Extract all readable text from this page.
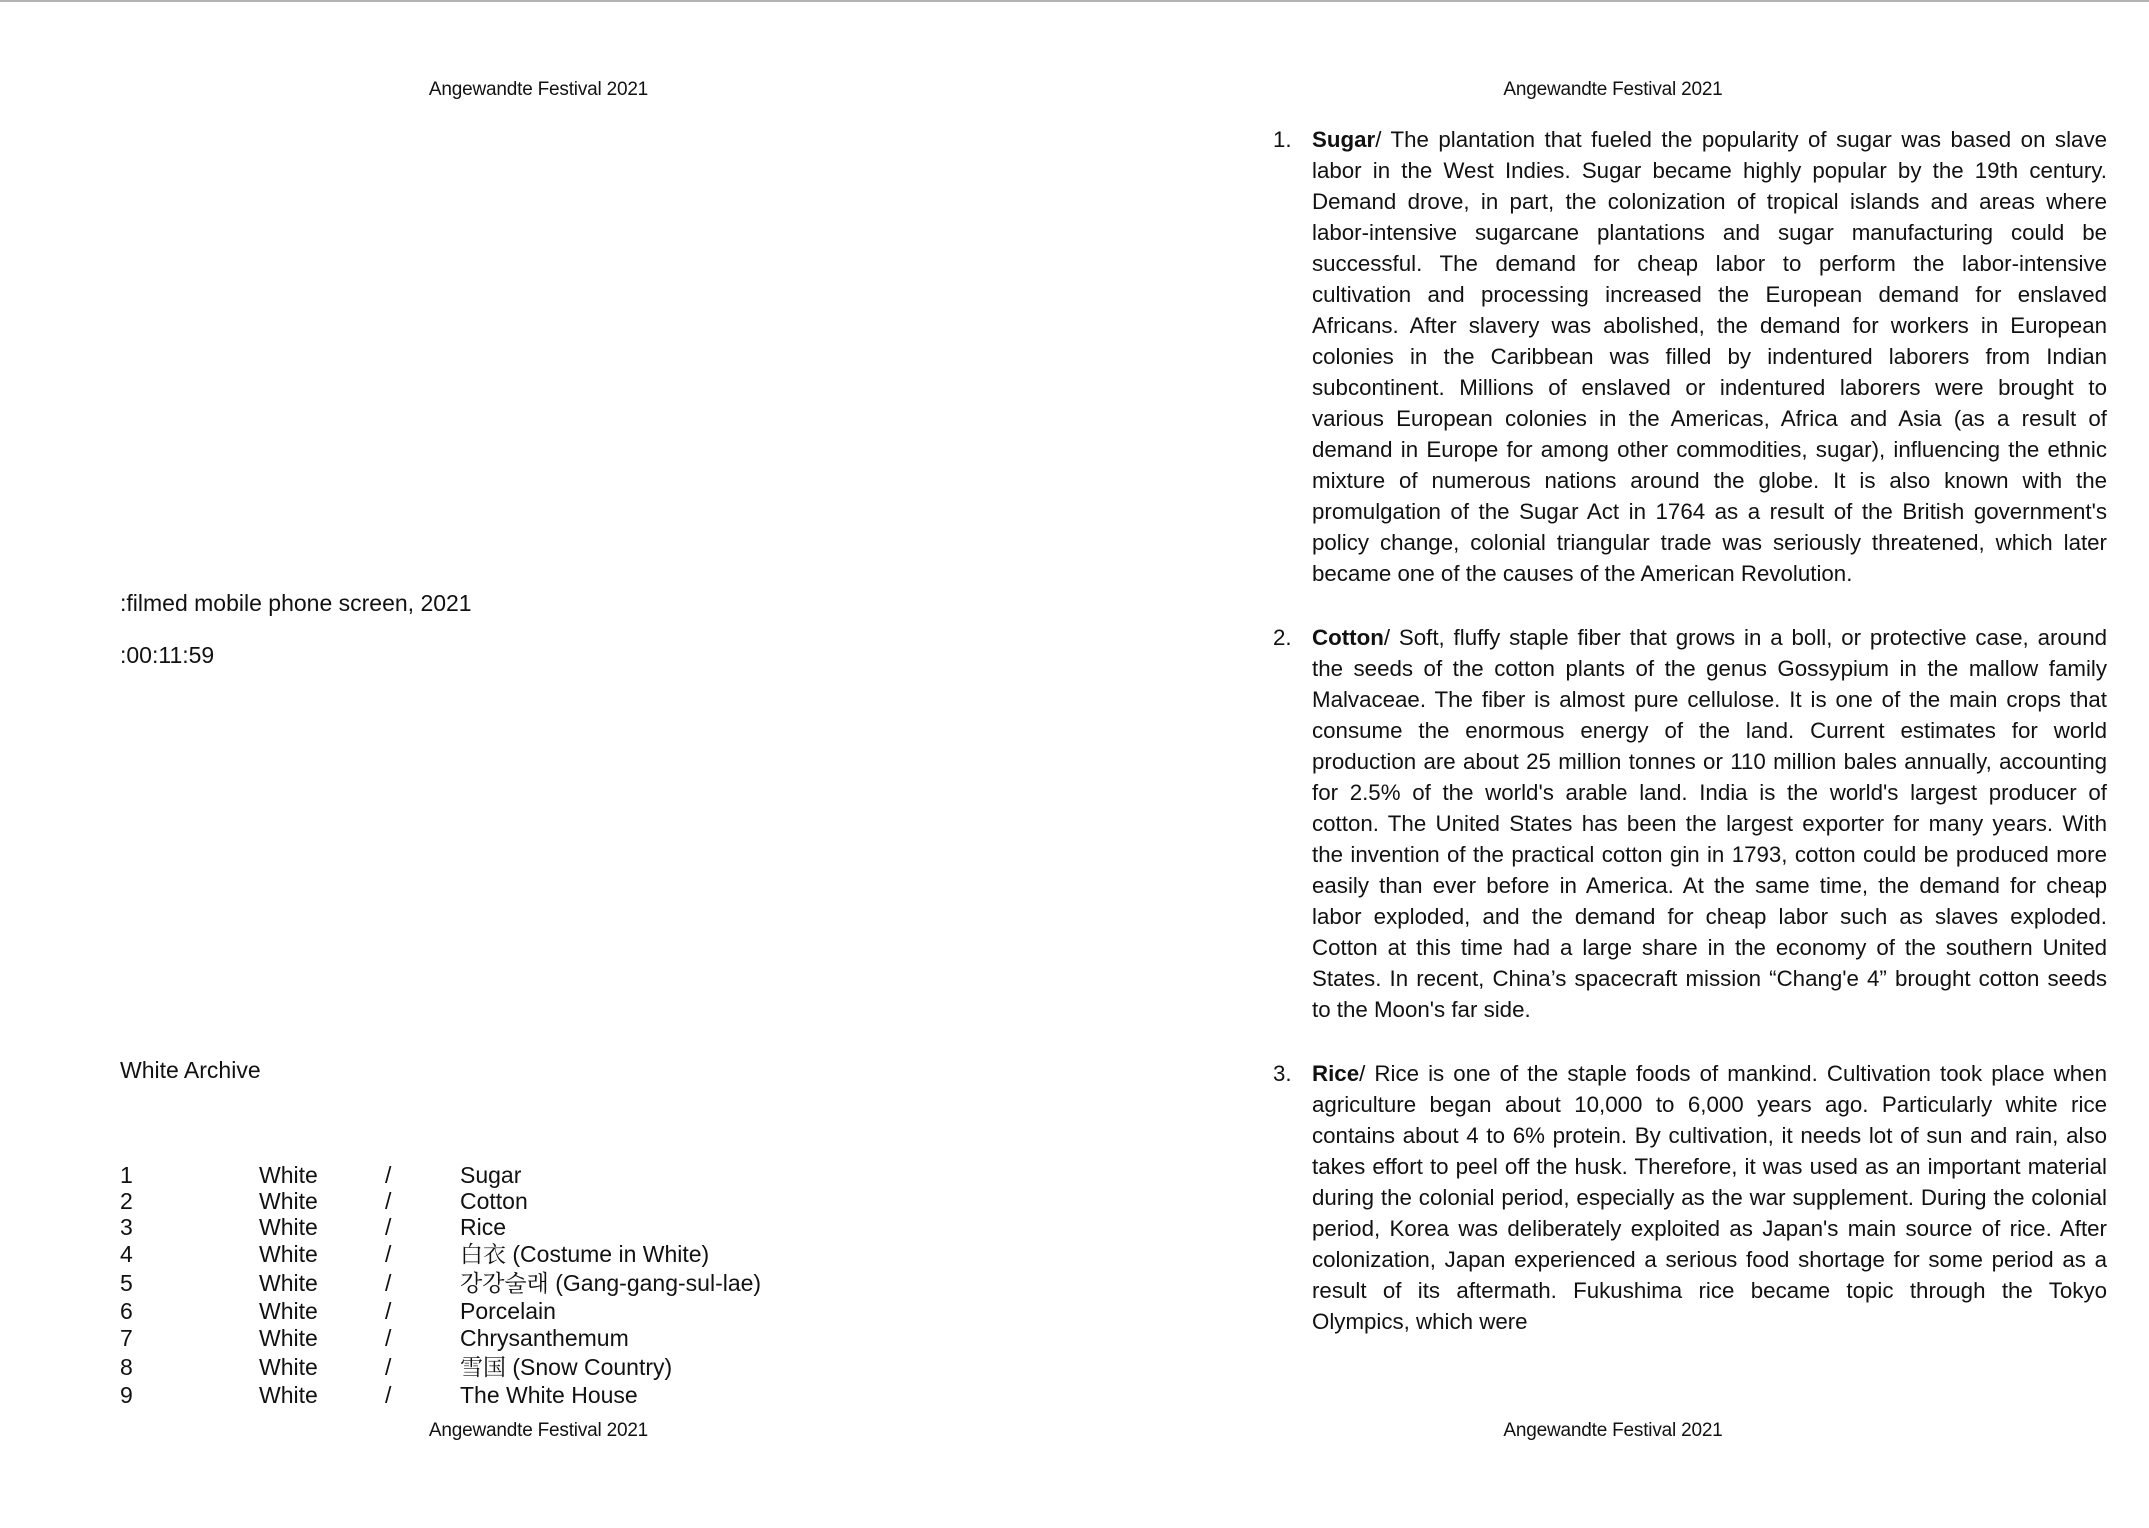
Angewandte Festival 2021
:filmed mobile phone screen, 2021
:00:11:59
White Archive
1	White	/	Sugar
2	White	/	Cotton
3	White	/	Rice
4	White	/	白衣 (Costume in White)
5	White	/	강강술래 (Gang-gang-sul-lae)
6	White	/	Porcelain
7	White	/	Chrysanthemum
8	White	/	雪国 (Snow Country)
9	White	/	The White House
Angewandte Festival 2021
Angewandte Festival 2021
1. Sugar/ The plantation that fueled the popularity of sugar was based on slave labor in the West Indies. Sugar became highly popular by the 19th century. Demand drove, in part, the colonization of tropical islands and areas where labor-intensive sugarcane plantations and sugar manufacturing could be successful. The demand for cheap labor to perform the labor-intensive cultivation and processing increased the European demand for enslaved Africans. After slavery was abolished, the demand for workers in European colonies in the Caribbean was filled by indentured laborers from Indian subcontinent. Millions of enslaved or indentured laborers were brought to various European colonies in the Americas, Africa and Asia (as a result of demand in Europe for among other commodities, sugar), influencing the ethnic mixture of numerous nations around the globe. It is also known with the promulgation of the Sugar Act in 1764 as a result of the British government's policy change, colonial triangular trade was seriously threatened, which later became one of the causes of the American Revolution.
2. Cotton/ Soft, fluffy staple fiber that grows in a boll, or protective case, around the seeds of the cotton plants of the genus Gossypium in the mallow family Malvaceae. The fiber is almost pure cellulose. It is one of the main crops that consume the enormous energy of the land. Current estimates for world production are about 25 million tonnes or 110 million bales annually, accounting for 2.5% of the world's arable land. India is the world's largest producer of cotton. The United States has been the largest exporter for many years. With the invention of the practical cotton gin in 1793, cotton could be produced more easily than ever before in America. At the same time, the demand for cheap labor exploded, and the demand for cheap labor such as slaves exploded. Cotton at this time had a large share in the economy of the southern United States. In recent, China’s spacecraft mission “Chang'e 4” brought cotton seeds to the Moon's far side.
3. Rice/ Rice is one of the staple foods of mankind. Cultivation took place when agriculture began about 10,000 to 6,000 years ago. Particularly white rice contains about 4 to 6% protein. By cultivation, it needs lot of sun and rain, also takes effort to peel off the husk. Therefore, it was used as an important material during the colonial period, especially as the war supplement. During the colonial period, Korea was deliberately exploited as Japan's main source of rice. After colonization, Japan experienced a serious food shortage for some period as a result of its aftermath. Fukushima rice became topic through the Tokyo Olympics, which were
Angewandte Festival 2021
